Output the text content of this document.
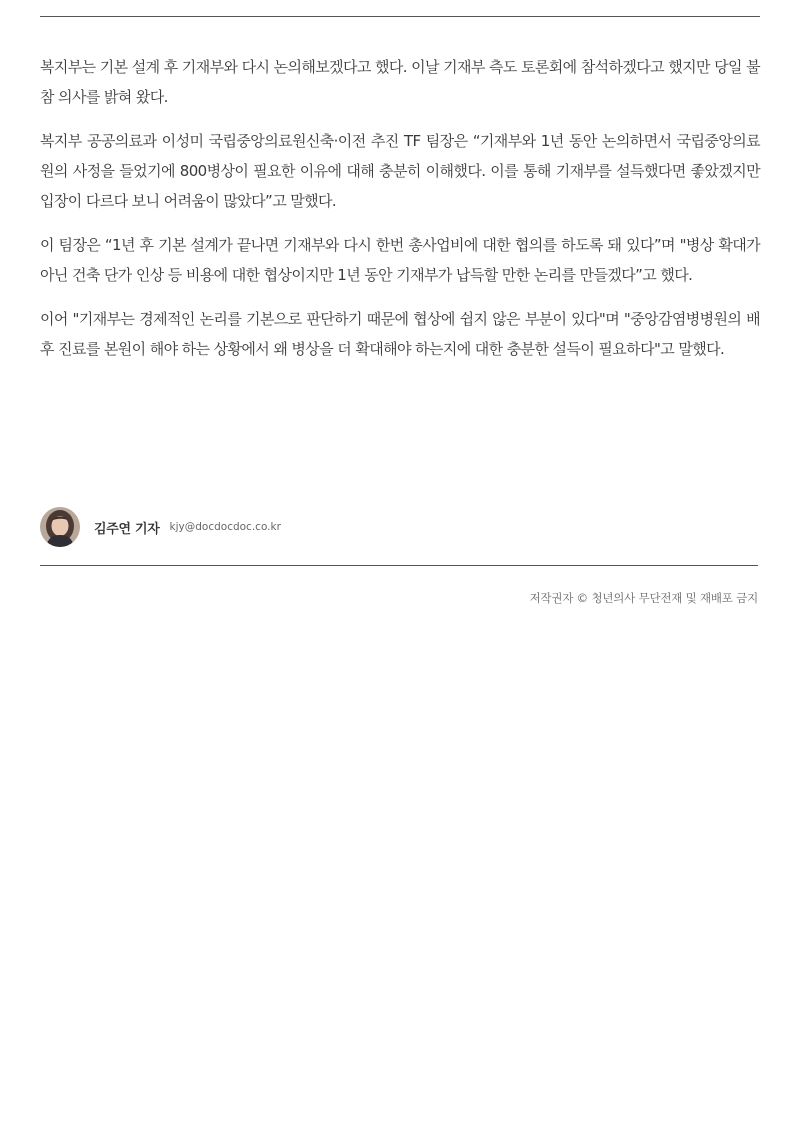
복지부는 기본 설계 후 기재부와 다시 논의해보겠다고 했다. 이날 기재부 측도 토론회에 참석하겠다고 했지만 당일 불참 의사를 밝혀 왔다.

복지부 공공의료과 이성미 국립중앙의료원신축·이전 추진 TF 팀장은 “기재부와 1년 동안 논의하면서 국립중앙의료원의 사정을 들었기에 800병상이 필요한 이유에 대해 충분히 이해했다. 이를 통해 기재부를 설득했다면 좋았겠지만 입장이 다르다 보니 어려움이 많았다”고 말했다.

이 팀장은 “1년 후 기본 설계가 끝나면 기재부와 다시 한번 총사업비에 대한 협의를 하도록 돼 있다”며 "병상 확대가 아닌 건축 단가 인상 등 비용에 대한 협상이지만 1년 동안 기재부가 납득할 만한 논리를 만들겠다”고 했다.

이어 "기재부는 경제적인 논리를 기본으로 판단하기 때문에 협상에 쉽지 않은 부분이 있다"며 "중앙감염병병원의 배후 진료를 본원이 해야 하는 상황에서 왜 병상을 더 확대해야 하는지에 대한 충분한 설득이 필요하다"고 말했다.

김주연 기자 kjy@docdocdoc.co.kr
저작권자 © 청년의사 무단전재 및 재배포 금지
